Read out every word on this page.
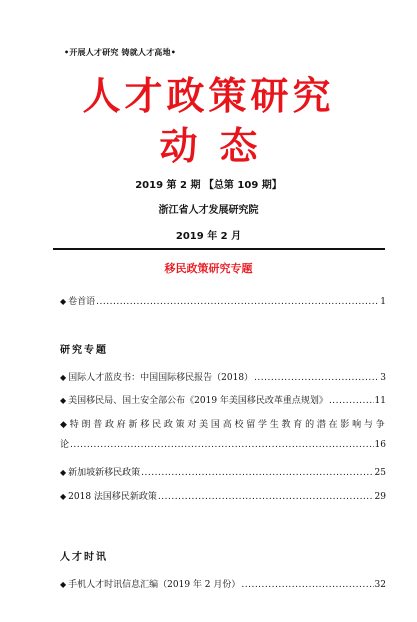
•开展人才研究 铸就人才高地•
人才政策研究
动态
2019 第 2 期 【总第 109 期】
浙江省人才发展研究院
2019 年 2 月
移民政策研究专题
◆ 卷首语 .....	1
研究专题
◆ 国际人才蓝皮书：中国国际移民报告（2018） .....	3
◆ 美国移民局、国土安全部公布《2019 年美国移民改革重点规划》 .....	11
◆特朗普政府新移民政策对美国高校留学生教育的潜在影响与争
论 .....	16
◆ 新加坡新移民政策 .....	25
◆ 2018 法国移民新政策 .....	29
人才时讯
◆ 手机人才时讯信息汇编（2019 年 2 月份） .....	32
